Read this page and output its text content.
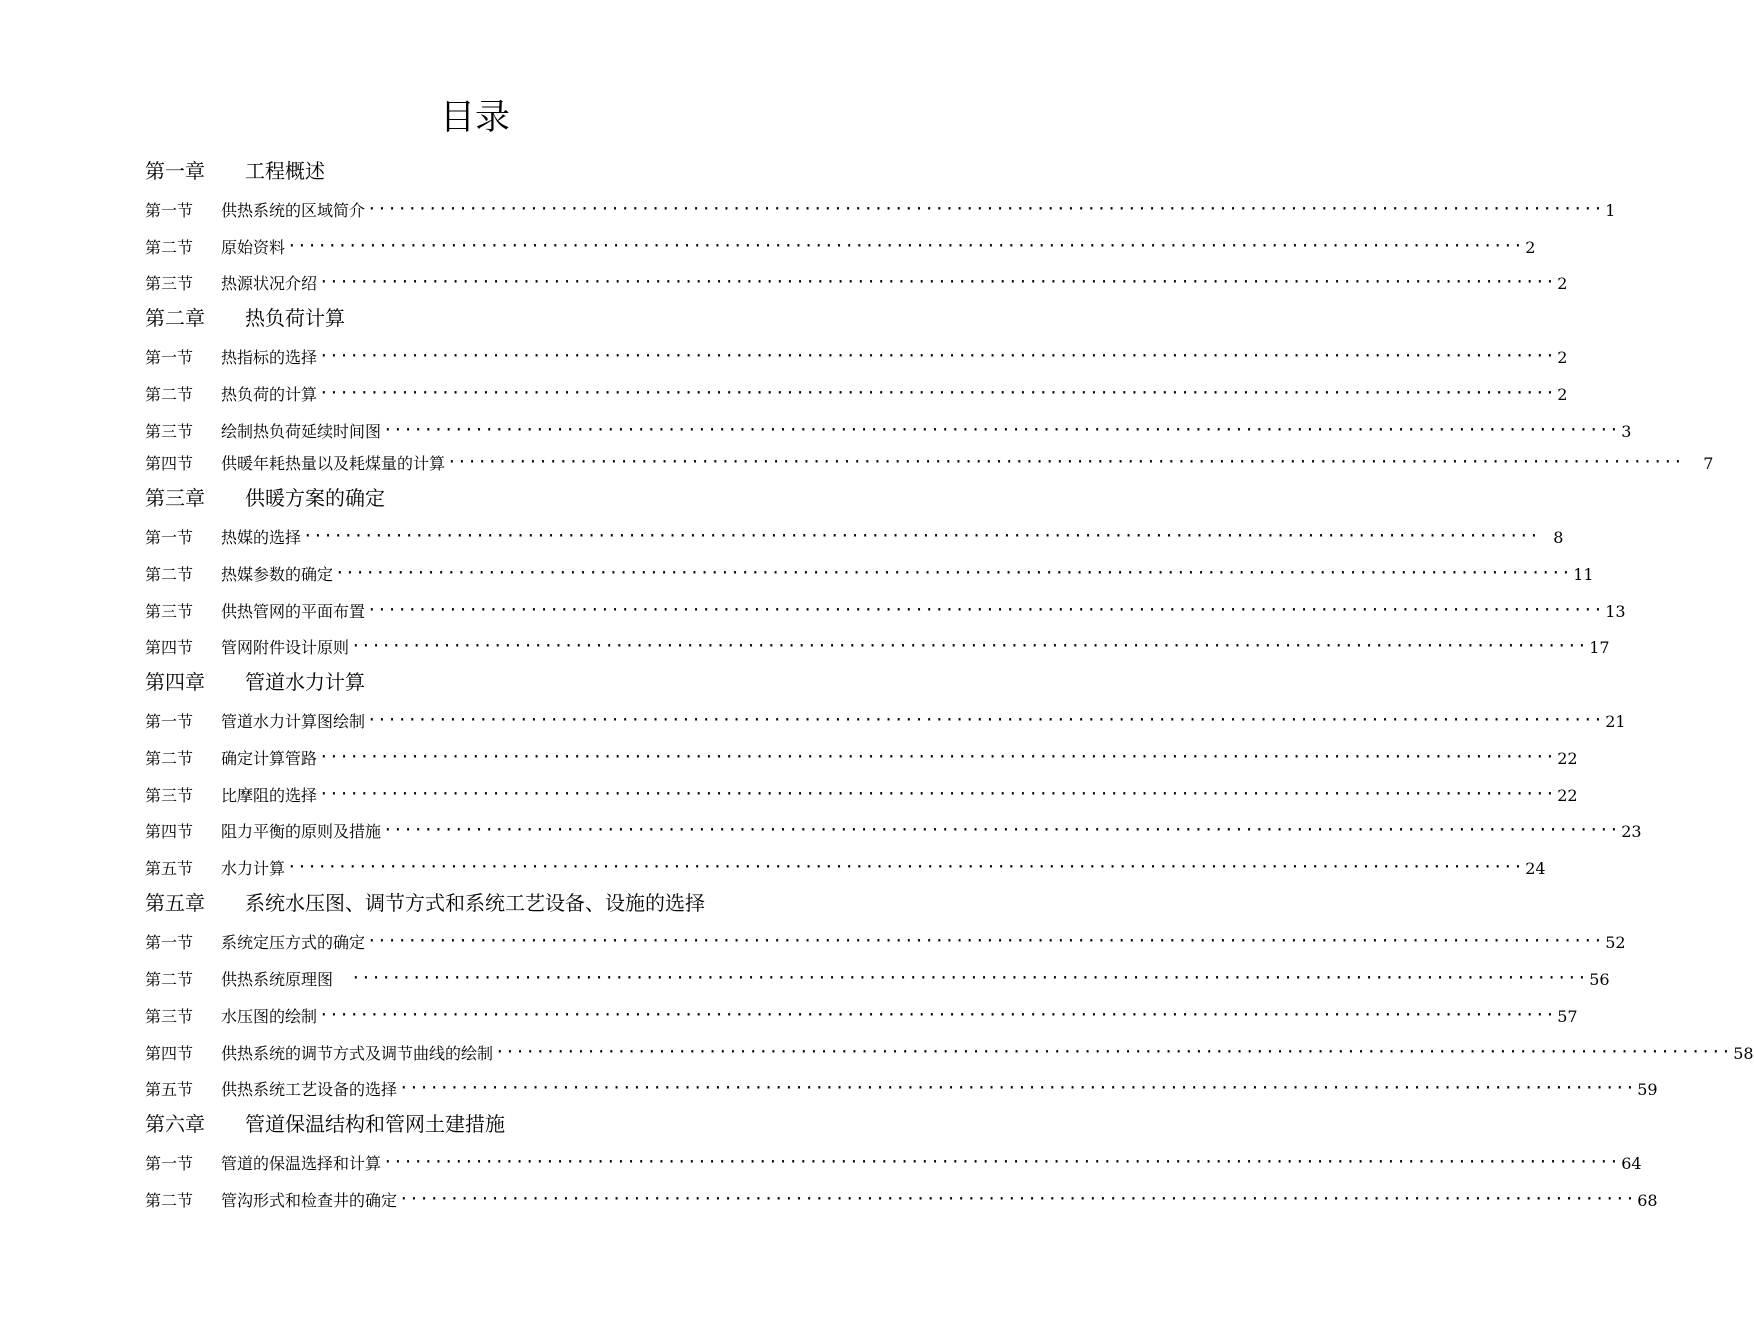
目录
第一章 工程概述
第一节	供热系统的区域简介 ·························································································································· 1
第二节	原始资料 ·························································································································· 2
第三节	热源状况介绍 ·························································································································· 2
第二章 热负荷计算
第一节	热指标的选择 ·························································································································· 2
第二节	热负荷的计算 ·························································································································· 2
第三节	绘制热负荷延续时间图 ·························································································································· 3
第四节	供暖年耗热量以及耗煤量的计算 ·························································································································· 7
第三章 供暖方案的确定
第一节	热媒的选择 ·························································································································· 8
第二节	热媒参数的确定 ·························································································································· 11
第三节	供热管网的平面布置 ·························································································································· 13
第四节	管网附件设计原则 ·························································································································· 17
第四章 管道水力计算
第一节	管道水力计算图绘制 ·························································································································· 21
第二节	确定计算管路 ·························································································································· 22
第三节	比摩阻的选择 ·························································································································· 22
第四节	阻力平衡的原则及措施 ·························································································································· 23
第五节	水力计算 ·························································································································· 24
第五章 系统水压图、调节方式和系统工艺设备、设施的选择
第一节	系统定压方式的确定 ·························································································································· 52
第二节	供热系统原理图 ·························································································································· 56
第三节	水压图的绘制 ·························································································································· 57
第四节	供热系统的调节方式及调节曲线的绘制 ·························································································································· 58
第五节	供热系统工艺设备的选择 ·························································································································· 59
第六章 管道保温结构和管网土建措施
第一节	管道的保温选择和计算 ·························································································································· 64
第二节	管沟形式和检查井的确定 ·························································································································· 68
